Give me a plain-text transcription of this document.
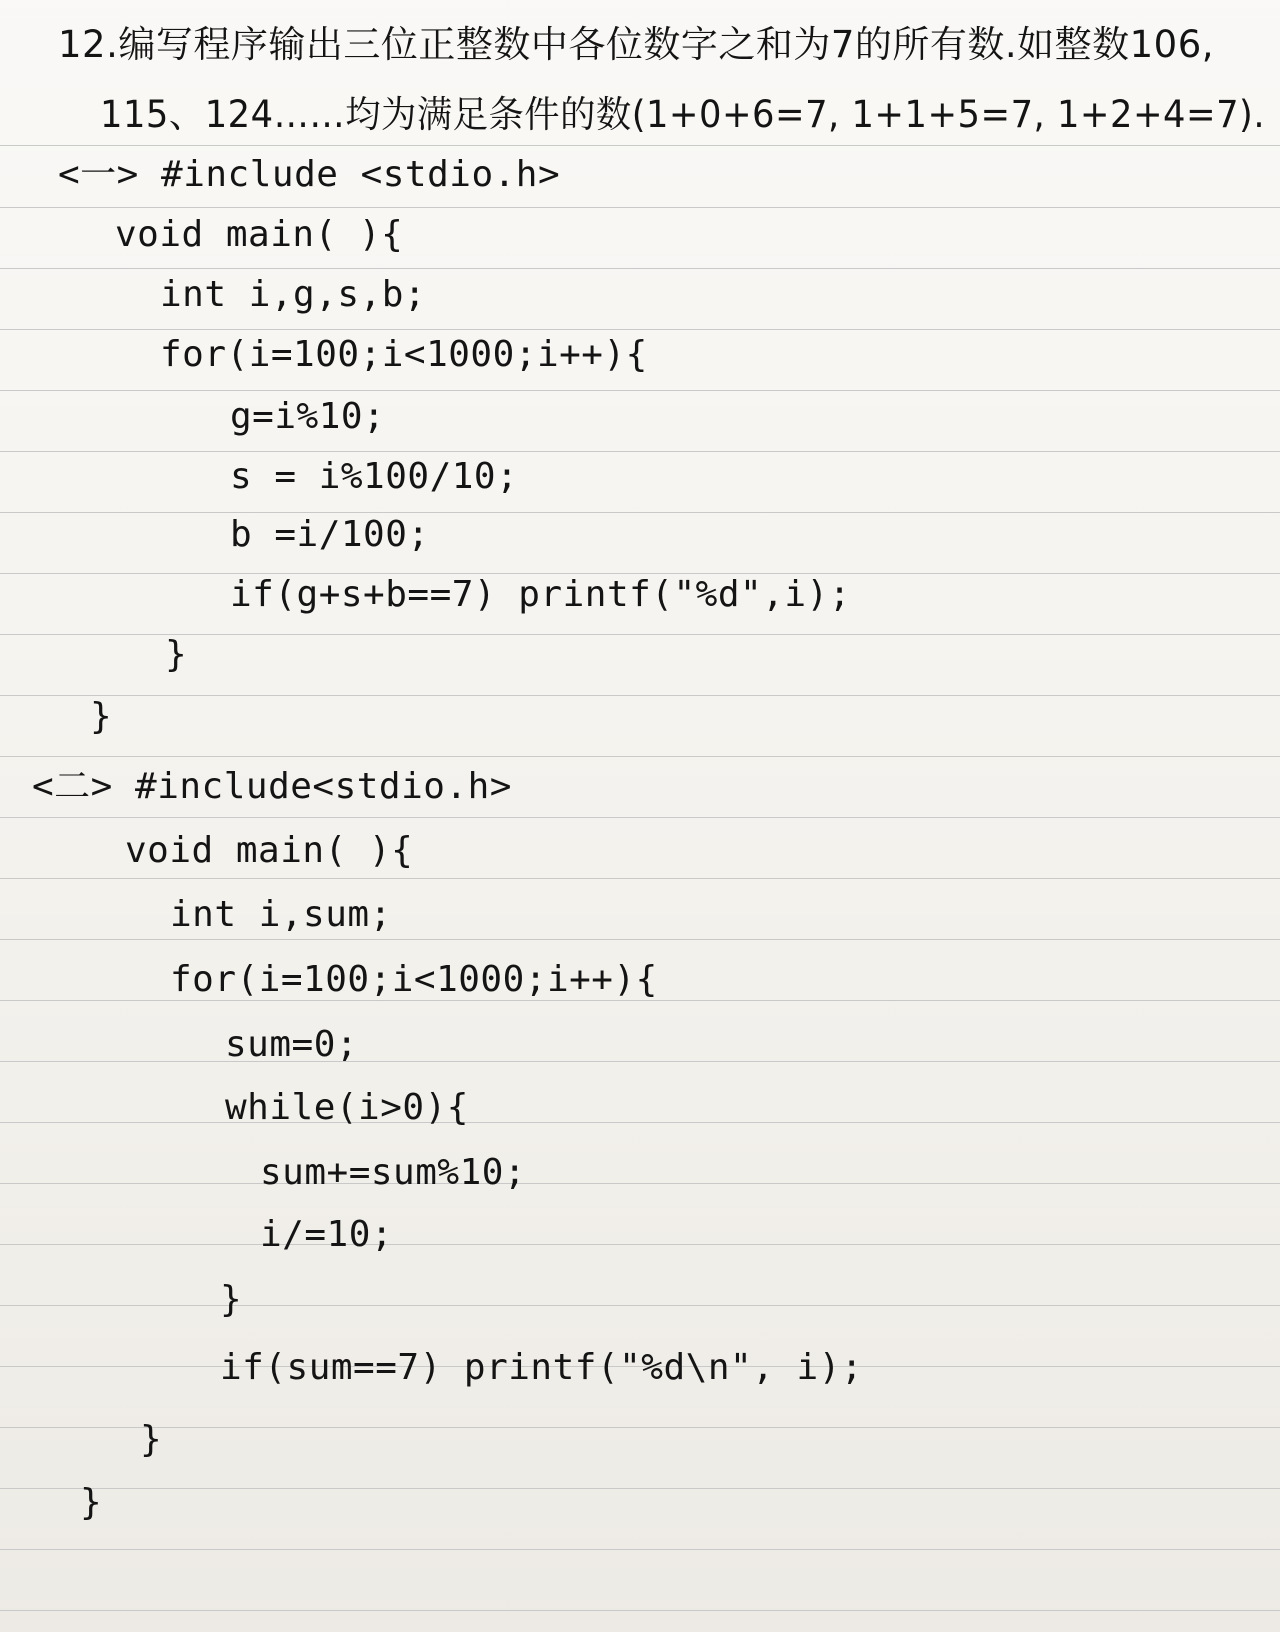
12.编写程序输出三位正整数中各位数字之和为7的所有数.如整数106,
115、124……均为满足条件的数(1+0+6=7, 1+1+5=7, 1+2+4=7).
<一> #include <stdio.h>
void main( ){
int i,g,s,b;
for(i=100;i<1000;i++){
g=i%10;
s = i%100/10;
b =i/100;
if(g+s+b==7) printf("%d",i);
}
}
<二> #include<stdio.h>
void main( ){
int i,sum;
for(i=100;i<1000;i++){
sum=0;
while(i>0){
sum+=sum%10;
i/=10;
}
if(sum==7) printf("%d\n", i);
}
}
